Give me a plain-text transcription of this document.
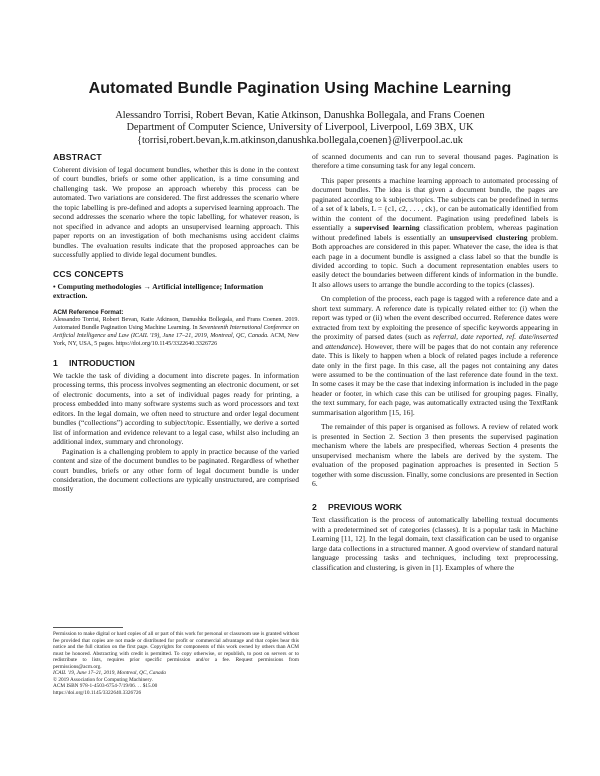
Automated Bundle Pagination Using Machine Learning
Alessandro Torrisi, Robert Bevan, Katie Atkinson, Danushka Bollegala, and Frans Coenen
Department of Computer Science, University of Liverpool, Liverpool, L69 3BX, UK
{torrisi,robert.bevan,k.m.atkinson,danushka.bollegala,coenen}@liverpool.ac.uk
ABSTRACT

Coherent division of legal document bundles, whether this is done in the context of court bundles, briefs or some other application, is a time consuming and challenging task. We propose an approach whereby this process can be automated. Two variations are considered. The first addresses the scenario where the topic labelling is pre-defined and adopts a supervised learning approach. The second addresses the scenario where the topic labelling, for whatever reason, is not specified in advance and adopts an unsupervised learning approach. This paper reports on an investigation of both mechanisms using accident claims bundles. The evaluation results indicate that the proposed approaches can be successfully applied to divide legal document bundles.

CCS CONCEPTS
• Computing methodologies → Artificial intelligence; Information extraction.
ACM Reference Format:
Alessandro Torrisi, Robert Bevan, Katie Atkinson, Danushka Bollegala, and Frans Coenen. 2019. Automated Bundle Pagination Using Machine Learning. In Seventeenth International Conference on Artificial Intelligence and Law (ICAIL '19), June 17–21, 2019, Montreal, QC, Canada. ACM, New York, NY, USA, 5 pages. https://doi.org/10.1145/3322640.3326726
1 INTRODUCTION

We tackle the task of dividing a document into discrete pages. In information processing terms, this process involves segmenting an electronic document, or set of electronic documents, into a set of individual pages ready for printing, a process embedded into many software systems such as word processors and text editors. In the legal domain, we often need to structure and order legal document bundles (“collections”) according to subject/topic. Essentially, we derive a sorted list of information and evidence relevant to a legal case, whilst also including an additional index, summary and chronology.

Pagination is a challenging problem to apply in practice because of the varied content and size of the document bundles to be paginated. Regardless of whether court bundles, briefs or any other form of legal document bundle is under consideration, the document collections are typically unstructured, are comprised mostly

Permission to make digital or hard copies of all or part of this work for personal or classroom use is granted without fee provided that copies are not made or distributed for profit or commercial advantage and that copies bear this notice and the full citation on the first page. Copyrights for components of this work owned by others than ACM must be honored. Abstracting with credit is permitted. To copy otherwise, or republish, to post on servers or to redistribute to lists, requires prior specific permission and/or a fee. Request permissions from permissions@acm.org.

ICAIL '19, June 17–21, 2019, Montreal, QC, Canada

© 2019 Association for Computing Machinery.

ACM ISBN 978-1-4503-6754-7/19/06. . . $15.00

https://doi.org/10.1145/3322640.3326726

of scanned documents and can run to several thousand pages. Pagination is therefore a time consuming task for any legal concern.

This paper presents a machine learning approach to automated processing of document bundles. The idea is that given a document bundle, the pages are paginated according to k subjects/topics. The subjects can be predefined in terms of a set of k labels, L = {c1, c2, . . . , ck}, or can be automatically identified from within the content of the document. Pagination using predefined labels is essentially a supervised learning classification problem, whereas pagination without predefined labels is essentially an unsupervised clustering problem. Both approaches are considered in this paper. Whatever the case, the idea is that each page in a document bundle is assigned a class label so that the bundle is divided according to topic. Such a document representation enables users to easily detect the boundaries between different kinds of information in the bundle. It also allows users to arrange the bundle according to the topics (classes).

On completion of the process, each page is tagged with a reference date and a short text summary. A reference date is typically related either to: (i) when the report was typed or (ii) when the event described occurred. Reference dates were extracted from text by exploiting the presence of specific keywords appearing in the proximity of parsed dates (such as referral, date reported, ref. date/inserted and attendance). However, there will be pages that do not contain any reference date. This is likely to happen when a block of related pages include a reference date only in the first page. In this case, all the pages not containing any dates were assumed to be the continuation of the last reference date found in the text. In some cases it may be the case that indexing information is included in the page header or footer, in which case this can be utilised for grouping pages. Finally, the text summary, for each page, was automatically extracted using the TextRank summarisation algorithm [15, 16].

The remainder of this paper is organised as follows. A review of related work is presented in Section 2. Section 3 then presents the supervised pagination mechanism where the labels are prespecified, whereas Section 4 presents the unsupervised mechanism where the labels are derived by the system. The evaluation of the proposed pagination approaches is presented in Section 5 together with some discussion. Finally, some conclusions are presented in Section 6.

2 PREVIOUS WORK

Text classification is the process of automatically labelling textual documents with a predetermined set of categories (classes). It is a popular task in Machine Learning [11, 12]. In the legal domain, text classification can be used to organise large data collections in a structured manner. A good overview of standard natural language processing tasks and techniques, including text preprocessing, classification and clustering, is given in [1]. Examples of where the
